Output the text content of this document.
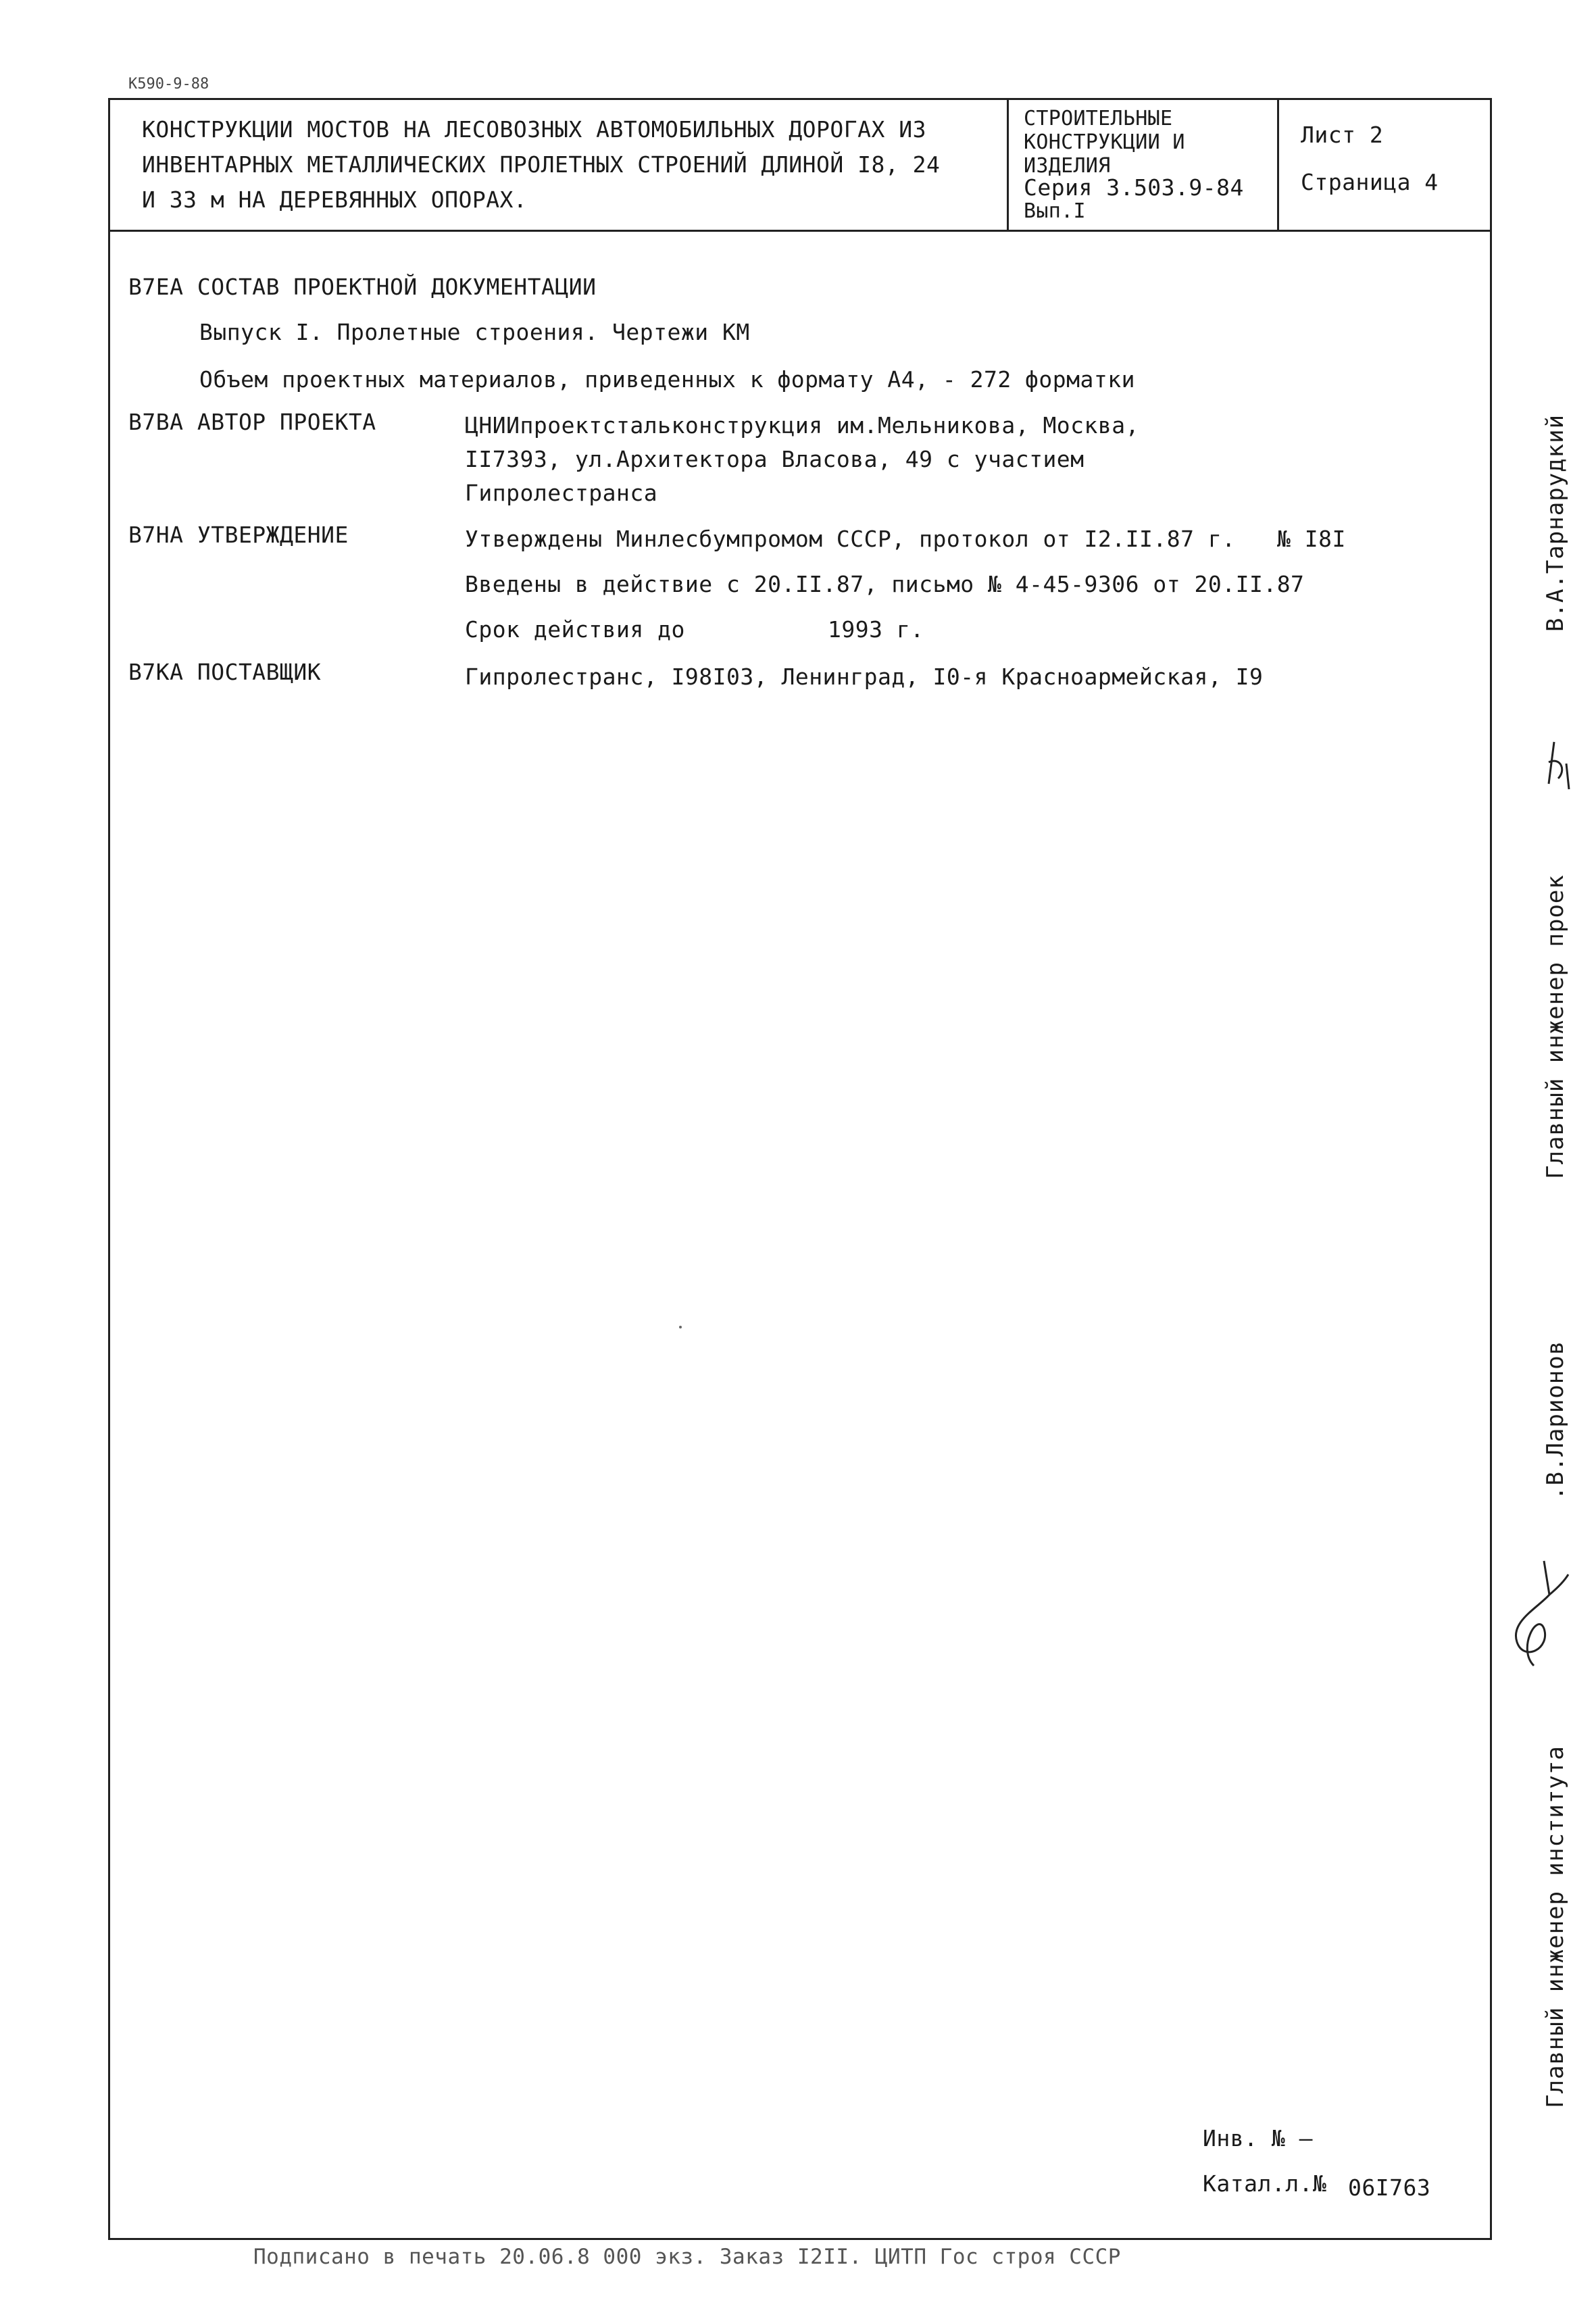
K590-9-88
КОНСТРУКЦИИ МОСТОВ НА ЛЕСОВОЗНЫХ АВТОМОБИЛЬНЫХ ДОРОГАХ ИЗ
ИНВЕНТАРНЫХ МЕТАЛЛИЧЕСКИХ ПРОЛЕТНЫХ СТРОЕНИЙ ДЛИНОЙ I8, 24
И 33 м НА ДЕРЕВЯННЫХ ОПОРАХ.
СТРОИТЕЛЬНЫЕ
КОНСТРУКЦИИ И
ИЗДЕЛИЯ
Серия 3.503.9-84
Вып.I
Лист 2
Страница 4
В7ЕА СОСТАВ ПРОЕКТНОЙ ДОКУМЕНТАЦИИ
Выпуск I. Пролетные строения. Чертежи КМ
Объем проектных материалов, приведенных к формату А4, - 272 форматки
В7ВА АВТОР ПРОЕКТА	ЦНИИпроектстальконструкция им.Мельникова, Москва,
II7393, ул.Архитектора Власова, 49 с участием
Гипролестранса
В7НА УТВЕРЖДЕНИЕ	Утверждены Минлесбумпромом СССР, протокол от I2.II.87 г. № I8I
Введены в действие с 20.II.87, письмо № 4-45-9306 от 20.II.87
Срок действия до	1993 г.
В7КА ПОСТАВЩИК	Гипролестранс, I98I03, Ленинград, I0-я Красноармейская, I9
В.А.Тарнарудкий
Главный инженер проек
.В.Ларионов
Главный инженер института
Инв. № —
Катал.л.№ 06I763
Подписано в печать 20.06.8 000 экз. Заказ I2II. ЦИТП Гос строя СССР
